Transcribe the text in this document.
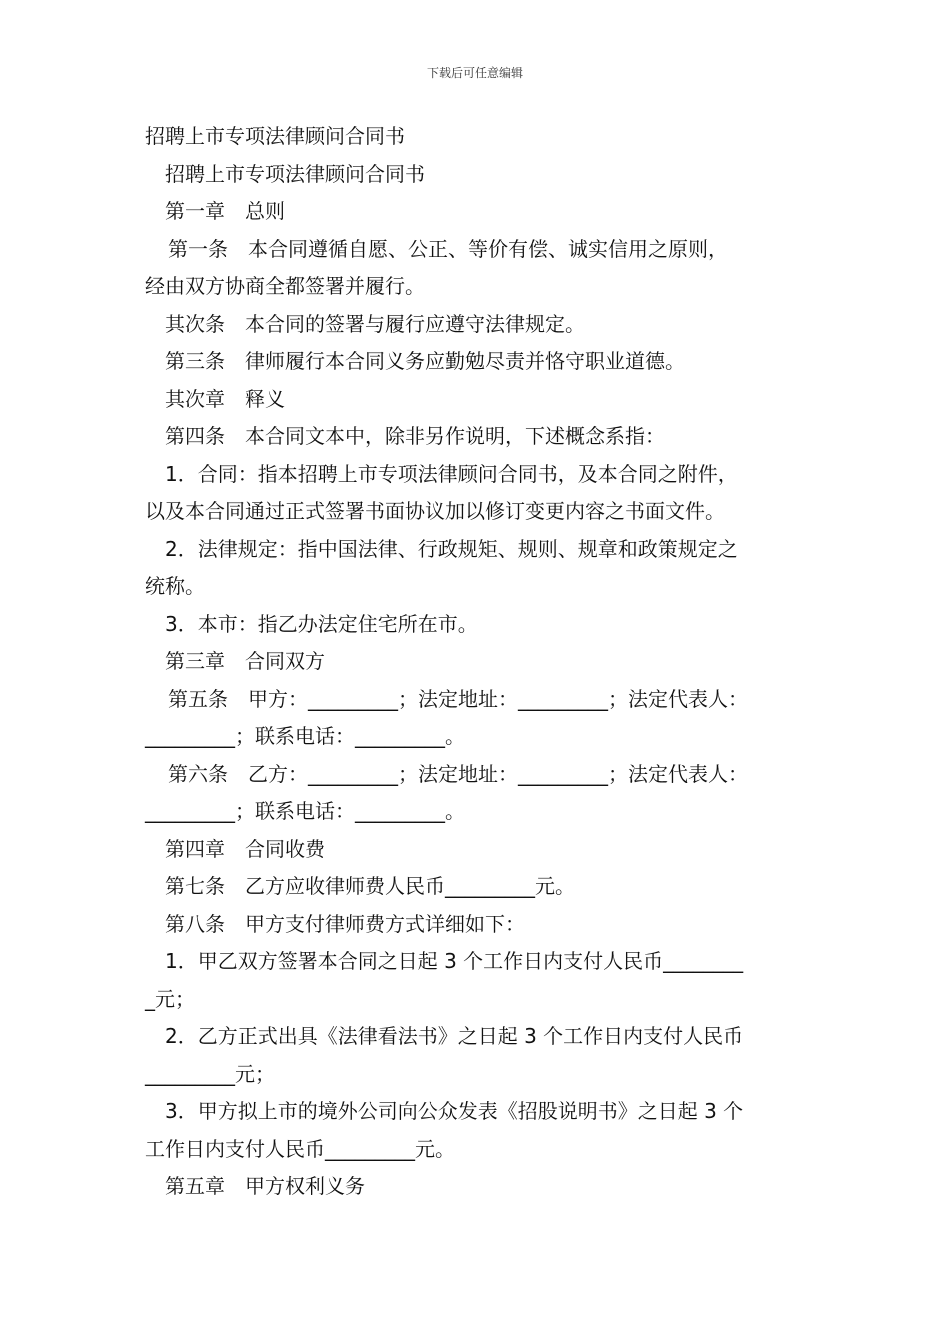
下载后可任意编辑

招聘上市专项法律顾问合同书

招聘上市专项法律顾问合同书

第一章　总则

第一条　本合同遵循自愿、公正、等价有偿、诚实信用之原则，

经由双方协商全都签署并履行。

其次条　本合同的签署与履行应遵守法律规定。

第三条　律师履行本合同义务应勤勉尽责并恪守职业道德。

其次章　释义

第四条　本合同文本中，除非另作说明，下述概念系指：

1．合同：指本招聘上市专项法律顾问合同书，及本合同之附件，

以及本合同通过正式签署书面协议加以修订变更内容之书面文件。

2．法律规定：指中国法律、行政规矩、规则、规章和政策规定之

统称。

3．本市：指乙办法定住宅所在市。

第三章　合同双方

第五条　甲方：_________；法定地址：_________；法定代表人：

_________；联系电话：_________。

第六条　乙方：_________；法定地址：_________；法定代表人：

_________；联系电话：_________。

第四章　合同收费

第七条　乙方应收律师费人民币_________元。

第八条　甲方支付律师费方式详细如下：

1．甲乙双方签署本合同之日起 3 个工作日内支付人民币________

_元；

2．乙方正式出具《法律看法书》之日起 3 个工作日内支付人民币

_________元；

3．甲方拟上市的境外公司向公众发表《招股说明书》之日起 3 个

工作日内支付人民币_________元。

第五章　甲方权利义务
